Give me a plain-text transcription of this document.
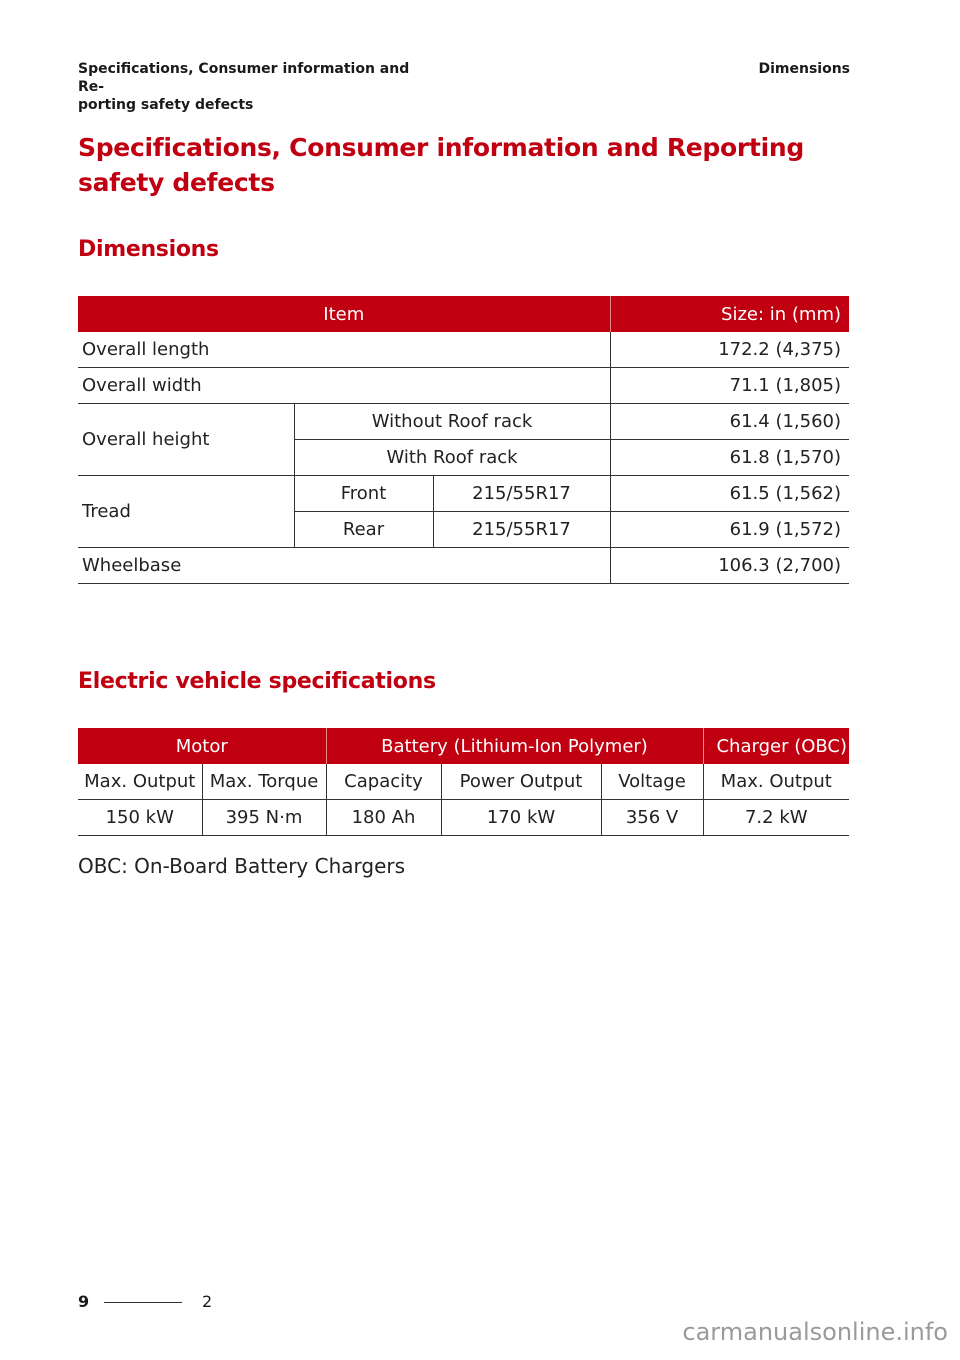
Specifications, Consumer information and Re-
porting safety defects
Dimensions
Specifications, Consumer information and Reporting safety defects
Dimensions
Item			Size: in (mm)
Overall length			172.2 (4,375)
Overall width			71.1 (1,805)
Overall height	Without Roof rack		61.4 (1,560)
	With Roof rack		61.8 (1,570)
Tread	Front	215/55R17	61.5 (1,562)
	Rear	215/55R17	61.9 (1,572)
Wheelbase			106.3 (2,700)
Electric vehicle specifications
Motor		Battery (Lithium-Ion Polymer)			Charger (OBC)
Max. Output	Max. Torque	Capacity	Power Output	Voltage	Max. Output
150 kW	395 N·m	180 Ah	170 kW	356 V	7.2 kW
OBC: On-Board Battery Chargers
9	2
carmanualsonline.info
